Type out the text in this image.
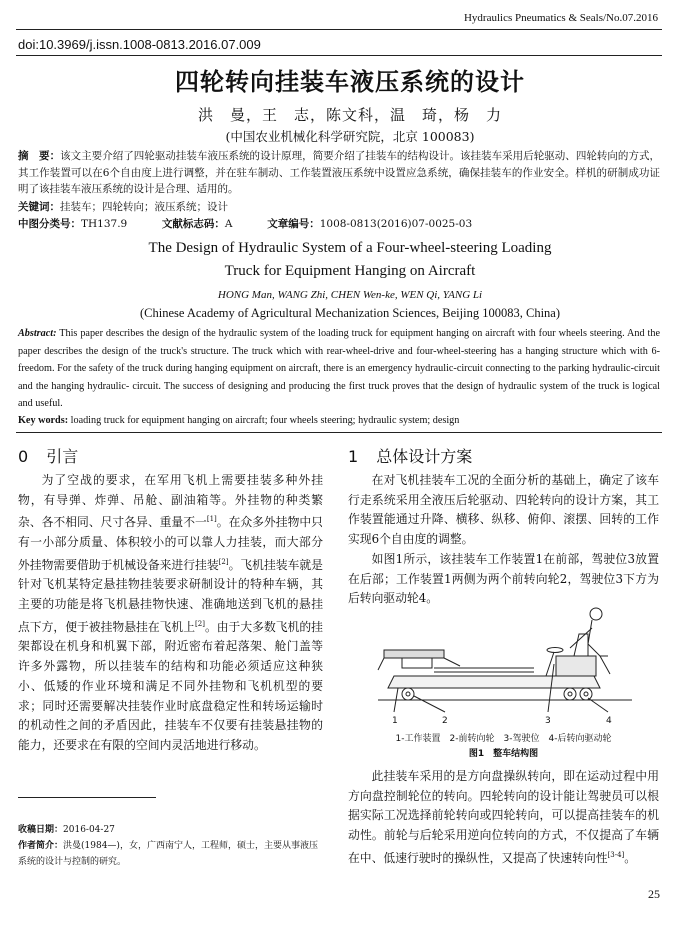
Hydraulics Pneumatics & Seals/No.07.2016
doi:10.3969/j.issn.1008-0813.2016.07.009
四轮转向挂装车液压系统的设计
洪　曼，王　志，陈文科，温　琦，杨　力
(中国农业机械化科学研究院，北京 100083)
摘　要：该文主要介绍了四轮驱动挂装车液压系统的设计原理，简要介绍了挂装车的结构设计。该挂装车采用后轮驱动、四轮转向的方式，其工作装置可以在6个自由度上进行调整，并在驻车制动、工作装置液压系统中设置应急系统，确保挂装车的作业安全。样机的研制成功证明了该挂装车液压系统的设计是合理、适用的。
关键词：挂装车；四轮转向；液压系统；设计
中图分类号：TH137.9	文献标志码：A	文章编号：1008-0813(2016)07-0025-03
The Design of Hydraulic System of a Four-wheel-steering Loading
Truck for Equipment Hanging on Aircraft
HONG Man, WANG Zhi, CHEN Wen-ke, WEN Qi, YANG Li
(Chinese Academy of Agricultural Mechanization Sciences, Beijing 100083, China)
Abstract: This paper describes the design of the hydraulic system of the loading truck for equipment hanging on aircraft with four wheels steering. And the paper describes the design of the truck's structure. The truck which with rear-wheel-drive and four-wheel-steering has a hanging structure which with 6-freedom. For the safety of the truck during hanging equipment on aircraft, there is an emergency hydraulic-circuit connecting to the parking hydraulic-circuit and the hanging hydraulic- circuit. The success of designing and producing the first truck proves that the design of hydraulic system of the truck is logical and useful.
Key words: loading truck for equipment hanging on aircraft; four wheels steering; hydraulic system; design
0 引言
为了空战的要求，在军用飞机上需要挂装多种外挂物，有导弹、炸弹、吊舱、副油箱等。外挂物的种类繁杂、各不相同、尺寸各异、重量不一[1]。在众多外挂物中只有一小部分质量、体积较小的可以靠人力挂装，而大部分外挂物需要借助于机械设备来进行挂装[2]。飞机挂装车就是针对飞机某特定悬挂物挂装要求研制设计的特种车辆，其主要的功能是将飞机悬挂物快速、准确地送到飞机的悬挂点下方，便于被挂物悬挂在飞机上[2]。由于大多数飞机的挂架都设在机身和机翼下部，附近密布着起落架、舱门盖等许多外露物，所以挂装车的结构和功能必须适应这种狭小、低矮的作业环境和满足不同外挂物和飞机机型的要求；同时还需要解决挂装作业时底盘稳定性和转场运输时的机动性之间的矛盾因此，挂装车不仅要有挂装悬挂物的能力，还要求在有限的空间内灵活地进行移动。
收稿日期：2016-04-27
作者简介：洪曼(1984—)，女，广西南宁人，工程师，硕士，主要从事液压系统的设计与控制的研究。
1 总体设计方案
在对飞机挂装车工况的全面分析的基础上，确定了该车行走系统采用全液压后轮驱动、四轮转向的设计方案，其工作装置能通过升降、横移、纵移、俯仰、滚摆、回转的工作实现6个自由度的调整。
如图1所示，该挂装车工作装置1在前部，驾驶位3放置在后部；工作装置1两侧为两个前转向轮2，驾驶位3下方为后转向驱动轮4。
1	2	3	4
1-工作装置　2-前转向轮　3-驾驶位　4-后转向驱动轮
图1　整车结构图
此挂装车采用的是方向盘操纵转向，即在运动过程中用方向盘控制轮位的转向。四轮转向的设计能让驾驶员可以根据实际工况选择前轮转向或四轮转向，可以提高挂装车的机动性。前轮与后轮采用逆向位转向的方式，不仅提高了车辆在中、低速行驶时的操纵性，又提高了快速转向性[3-4]。
25
